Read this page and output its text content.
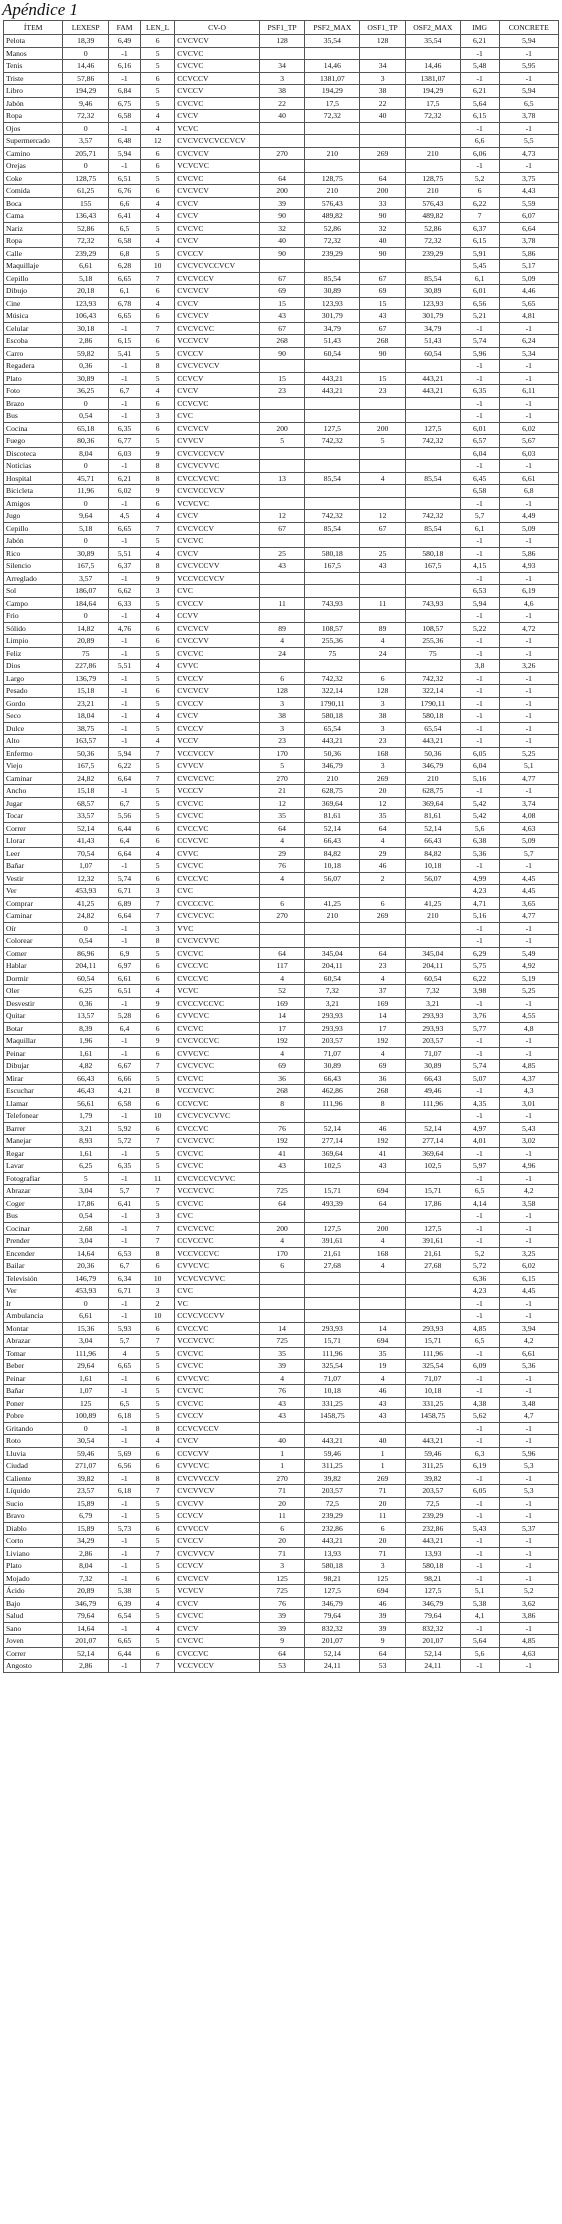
Apéndice 1
ÍTEM	LEXESP	FAM	LEN_L	CV-O	PSF1_TP	PSF2_MAX	OSF1_TP	OSF2_MAX	IMG	CONCRETE
Pelota	18,39	6,49	6	CVCVCV	128	35,54	128	35,54	6,21	5,94
Manos	0	-1	5	CVCVC					-1	-1
Tenis	14,46	6,16	5	CVCVC	34	14,46	34	14,46	5,48	5,95
Triste	57,86	-1	6	CCVCCV	3	1381,07	3	1381,07	-1	-1
Libro	194,29	6,84	5	CVCCV	38	194,29	38	194,29	6,21	5,94
Jabón	9,46	6,75	5	CVCVC	22	17,5	22	17,5	5,64	6,5
Ropa	72,32	6,58	4	CVCV	40	72,32	40	72,32	6,15	3,78
Ojos	0	-1	4	VCVC					-1	-1
Supermercado	3,57	6,48	12	CVCVCVCVCCVCV					6,6	5,5
Camino	205,71	5,94	6	CVCVCV	270	210	269	210	6,06	4,73
Orejas	0	-1	6	VCVCVC					-1	-1
Coke	128,75	6,51	5	CVCVC	64	128,75	64	128,75	5,2	3,75
Comida	61,25	6,76	6	CVCVCV	200	210	200	210	6	4,43
Boca	155	6,6	4	CVCV	39	576,43	33	576,43	6,22	5,59
Cama	136,43	6,41	4	CVCV	90	489,82	90	489,82	7	6,07
Nariz	52,86	6,5	5	CVCVC	32	52,86	32	52,86	6,37	6,64
Ropa	72,32	6,58	4	CVCV	40	72,32	40	72,32	6,15	3,78
Calle	239,29	6,8	5	CVCCV	90	239,29	90	239,29	5,91	5,86
Maquillaje	6,61	6,28	10	CVCVCVCCVCV					5,45	5,17
Cepillo	5,18	6,65	7	CVCVCCV	67	85,54	67	85,54	6,1	5,09
Dibujo	20,18	6,1	6	CVCVCV	69	30,89	69	30,89	6,01	4,46
Cine	123,93	6,78	4	CVCV	15	123,93	15	123,93	6,56	5,65
Música	106,43	6,65	6	CVCVCV	43	301,79	43	301,79	5,21	4,81
Celular	30,18	-1	7	CVCVCVC	67	34,79	67	34,79	-1	-1
Escoba	2,86	6,15	6	VCCVCV	268	51,43	268	51,43	5,74	6,24
Carro	59,82	5,41	5	CVCCV	90	60,54	90	60,54	5,96	5,34
Regadera	0,36	-1	8	CVCVCVCV					-1	-1
Plato	30,89	-1	5	CCVCV	15	443,21	15	443,21	-1	-1
Foto	36,25	6,7	4	CVCV	23	443,21	23	443,21	6,35	6,11
Brazo	0	-1	6	CCVCVC					-1	-1
Bus	0,54	-1	3	CVC					-1	-1
Cocina	65,18	6,35	6	CVCVCV	200	127,5	200	127,5	6,01	6,02
Fuego	80,36	6,77	5	CVVCV	5	742,32	5	742,32	6,57	5,67
Discoteca	8,04	6,03	9	CVCVCCVCV					6,04	6,03
Noticias	0	-1	8	CVCVCVVC					-1	-1
Hospital	45,71	6,21	8	CVCCVCVC	13	85,54	4	85,54	6,45	6,61
Bicicleta	11,96	6,02	9	CVCVCCVCV					6,58	6,8
Amigos	0	-1	6	VCVCVC					-1	-1
Jugo	9,64	4,5	4	CVCV	12	742,32	12	742,32	5,7	4,49
Cepillo	5,18	6,65	7	CVCVCCV	67	85,54	67	85,54	6,1	5,09
Jabón	0	-1	5	CVCVC					-1	-1
Rico	30,89	5,51	4	CVCV	25	580,18	25	580,18	-1	5,86
Silencio	167,5	6,37	8	CVCVCCVV	43	167,5	43	167,5	4,15	4,93
Arreglado	3,57	-1	9	VCCVCCVCV					-1	-1
Sol	186,07	6,62	3	CVC					6,53	6,19
Campo	184,64	6,33	5	CVCCV	11	743,93	11	743,93	5,94	4,6
Frio	0	-1	4	CCVV					-1	-1
Sólido	14,82	4,76	6	CVCVCV	89	108,57	89	108,57	5,22	4,72
Limpio	20,89	-1	6	CVCCVV	4	255,36	4	255,36	-1	-1
Feliz	75	-1	5	CVCVC	24	75	24	75	-1	-1
Dios	227,86	5,51	4	CVVC					3,8	3,26
Largo	136,79	-1	5	CVCCV	6	742,32	6	742,32	-1	-1
Pesado	15,18	-1	6	CVCVCV	128	322,14	128	322,14	-1	-1
Gordo	23,21	-1	5	CVCCV	3	1790,11	3	1790,11	-1	-1
Seco	18,04	-1	4	CVCV	38	580,18	38	580,18	-1	-1
Dulce	38,75	-1	5	CVCCV	3	65,54	3	65,54	-1	-1
Alto	163,57	-1	4	VCCV	23	443,21	23	443,21	-1	-1
Enfermo	50,36	5,94	7	VCCVCCV	170	50,36	168	50,36	6,05	5,25
Viejo	167,5	6,22	5	CVVCV	5	346,79	3	346,79	6,04	5,1
Caminar	24,82	6,64	7	CVCVCVC	270	210	269	210	5,16	4,77
Ancho	15,18	-1	5	VCCCV	21	628,75	20	628,75	-1	-1
Jugar	68,57	6,7	5	CVCVC	12	369,64	12	369,64	5,42	3,74
Tocar	33,57	5,56	5	CVCVC	35	81,61	35	81,61	5,42	4,08
Correr	52,14	6,44	6	CVCCVC	64	52,14	64	52,14	5,6	4,63
Llorar	41,43	6,4	6	CCVCVC	4	66,43	4	66,43	6,38	5,09
Leer	70,54	6,64	4	CVVC	29	84,82	29	84,82	5,36	5,7
Bañar	1,07	-1	5	CVCVC	76	10,18	46	10,18	-1	-1
Vestir	12,32	5,74	6	CVCCVC	4	56,07	2	56,07	4,99	4,45
Ver	453,93	6,71	3	CVC					4,23	4,45
Comprar	41,25	6,89	7	CVCCCVC	6	41,25	6	41,25	4,71	3,65
Caminar	24,82	6,64	7	CVCVCVC	270	210	269	210	5,16	4,77
Oír	0	-1	3	VVC					-1	-1
Colorear	0,54	-1	8	CVCVCVVC					-1	-1
Comer	86,96	6,9	5	CVCVC	64	345,04	64	345,04	6,29	5,49
Hablar	204,11	6,97	6	CVCCVC	117	204,11	23	204,11	5,75	4,92
Dormir	60,54	6,61	6	CVCCVC	4	60,54	4	60,54	6,22	5,19
Oler	6,25	6,51	4	VCVC	52	7,32	37	7,32	3,98	5,25
Desvestir	0,36	-1	9	CVCCVCCVC	169	3,21	169	3,21	-1	-1
Quitar	13,57	5,28	6	CVVCVC	14	293,93	14	293,93	3,76	4,55
Botar	8,39	6,4	6	CVCVC	17	293,93	17	293,93	5,77	4,8
Maquillar	1,96	-1	9	CVCVCCVC	192	203,57	192	203,57	-1	-1
Peinar	1,61	-1	6	CVVCVC	4	71,07	4	71,07	-1	-1
Dibujar	4,82	6,67	7	CVCVCVC	69	30,89	69	30,89	5,74	4,85
Mirar	66,43	6,66	5	CVCVC	36	66,43	36	66,43	5,07	4,37
Escuchar	46,43	4,21	8	VCCVCVC	268	462,86	268	49,46	-1	4,3
Llamar	56,61	6,58	6	CCVCVC	8	111,96	8	111,96	4,35	3,01
Telefonear	1,79	-1	10	CVCVCVCVVC					-1	-1
Barrer	3,21	5,92	6	CVCCVC	76	52,14	46	52,14	4,97	5,43
Manejar	8,93	5,72	7	CVCVCVC	192	277,14	192	277,14	4,01	3,02
Regar	1,61	-1	5	CVCVC	41	369,64	41	369,64	-1	-1
Lavar	6,25	6,35	5	CVCVC	43	102,5	43	102,5	5,97	4,96
Fotografiar	5	-1	11	CVCVCCVCVVC					-1	-1
Abrazar	3,04	5,7	7	VCCVCVC	725	15,71	694	15,71	6,5	4,2
Coger	17,86	6,41	5	CVCVC	64	493,39	64	17,86	4,14	3,58
Bus	0,54	-1	3	CVC					-1	-1
Cocinar	2,68	-1	7	CVCVCVC	200	127,5	200	127,5	-1	-1
Prender	3,04	-1	7	CCVCCVC	4	391,61	4	391,61	-1	-1
Encender	14,64	6,53	8	VCCVCCVC	170	21,61	168	21,61	5,2	3,25
Bailar	20,36	6,7	6	CVVCVC	6	27,68	4	27,68	5,72	6,02
Televisión	146,79	6,34	10	VCVCVCVVC					6,36	6,15
Ver	453,93	6,71	3	CVC					4,23	4,45
Ir	0	-1	2	VC					-1	-1
Ambulancia	6,61	-1	10	CCVCVCCVV					-1	-1
Montar	15,36	5,93	6	CVCCVC	14	293,93	14	293,93	4,85	3,94
Abrazar	3,04	5,7	7	VCCVCVC	725	15,71	694	15,71	6,5	4,2
Tomar	111,96	4	5	CVCVC	35	111,96	35	111,96	-1	6,61
Beber	29,64	6,65	5	CVCVC	39	325,54	19	325,54	6,09	5,36
Peinar	1,61	-1	6	CVVCVC	4	71,07	4	71,07	-1	-1
Bañar	1,07	-1	5	CVCVC	76	10,18	46	10,18	-1	-1
Poner	125	6,5	5	CVCVC	43	331,25	43	331,25	4,38	3,48
Pobre	100,89	6,18	5	CVCCV	43	1458,75	43	1458,75	5,62	4,7
Gritando	0	-1	8	CCVCVCCV					-1	-1
Roto	30,54	-1	4	CVCV	40	443,21	40	443,21	-1	-1
Lluvia	59,46	5,69	6	CCVCVV	1	59,46	1	59,46	6,3	5,96
Ciudad	271,07	6,56	6	CVVCVC	1	311,25	1	311,25	6,19	5,3
Caliente	39,82	-1	8	CVCVVCCV	270	39,82	269	39,82	-1	-1
Líquido	23,57	6,18	7	CVCVVCV	71	203,57	71	203,57	6,05	5,3
Sucio	15,89	-1	5	CVCVV	20	72,5	20	72,5	-1	-1
Bravo	6,79	-1	5	CCVCV	11	239,29	11	239,29	-1	-1
Diablo	15,89	5,73	6	CVVCCV	6	232,86	6	232,86	5,43	5,37
Corto	34,29	-1	5	CVCCV	20	443,21	20	443,21	-1	-1
Liviano	2,86	-1	7	CVCVVCV	71	13,93	71	13,93	-1	-1
Plato	8,04	-1	5	CCVCV	3	580,18	3	580,18	-1	-1
Mojado	7,32	-1	6	CVCVCV	125	98,21	125	98,21	-1	-1
Ácido	20,89	5,38	5	VCVCV	725	127,5	694	127,5	5,1	5,2
Bajo	346,79	6,39	4	CVCV	76	346,79	46	346,79	5,38	3,62
Salud	79,64	6,54	5	CVCVC	39	79,64	39	79,64	4,1	3,86
Sano	14,64	-1	4	CVCV	39	832,32	39	832,32	-1	-1
Joven	201,07	6,65	5	CVCVC	9	201,07	9	201,07	5,64	4,85
Correr	52,14	6,44	6	CVCCVC	64	52,14	64	52,14	5,6	4,63
Angosto	2,86	-1	7	VCCVCCV	53	24,11	53	24,11	-1	-1
